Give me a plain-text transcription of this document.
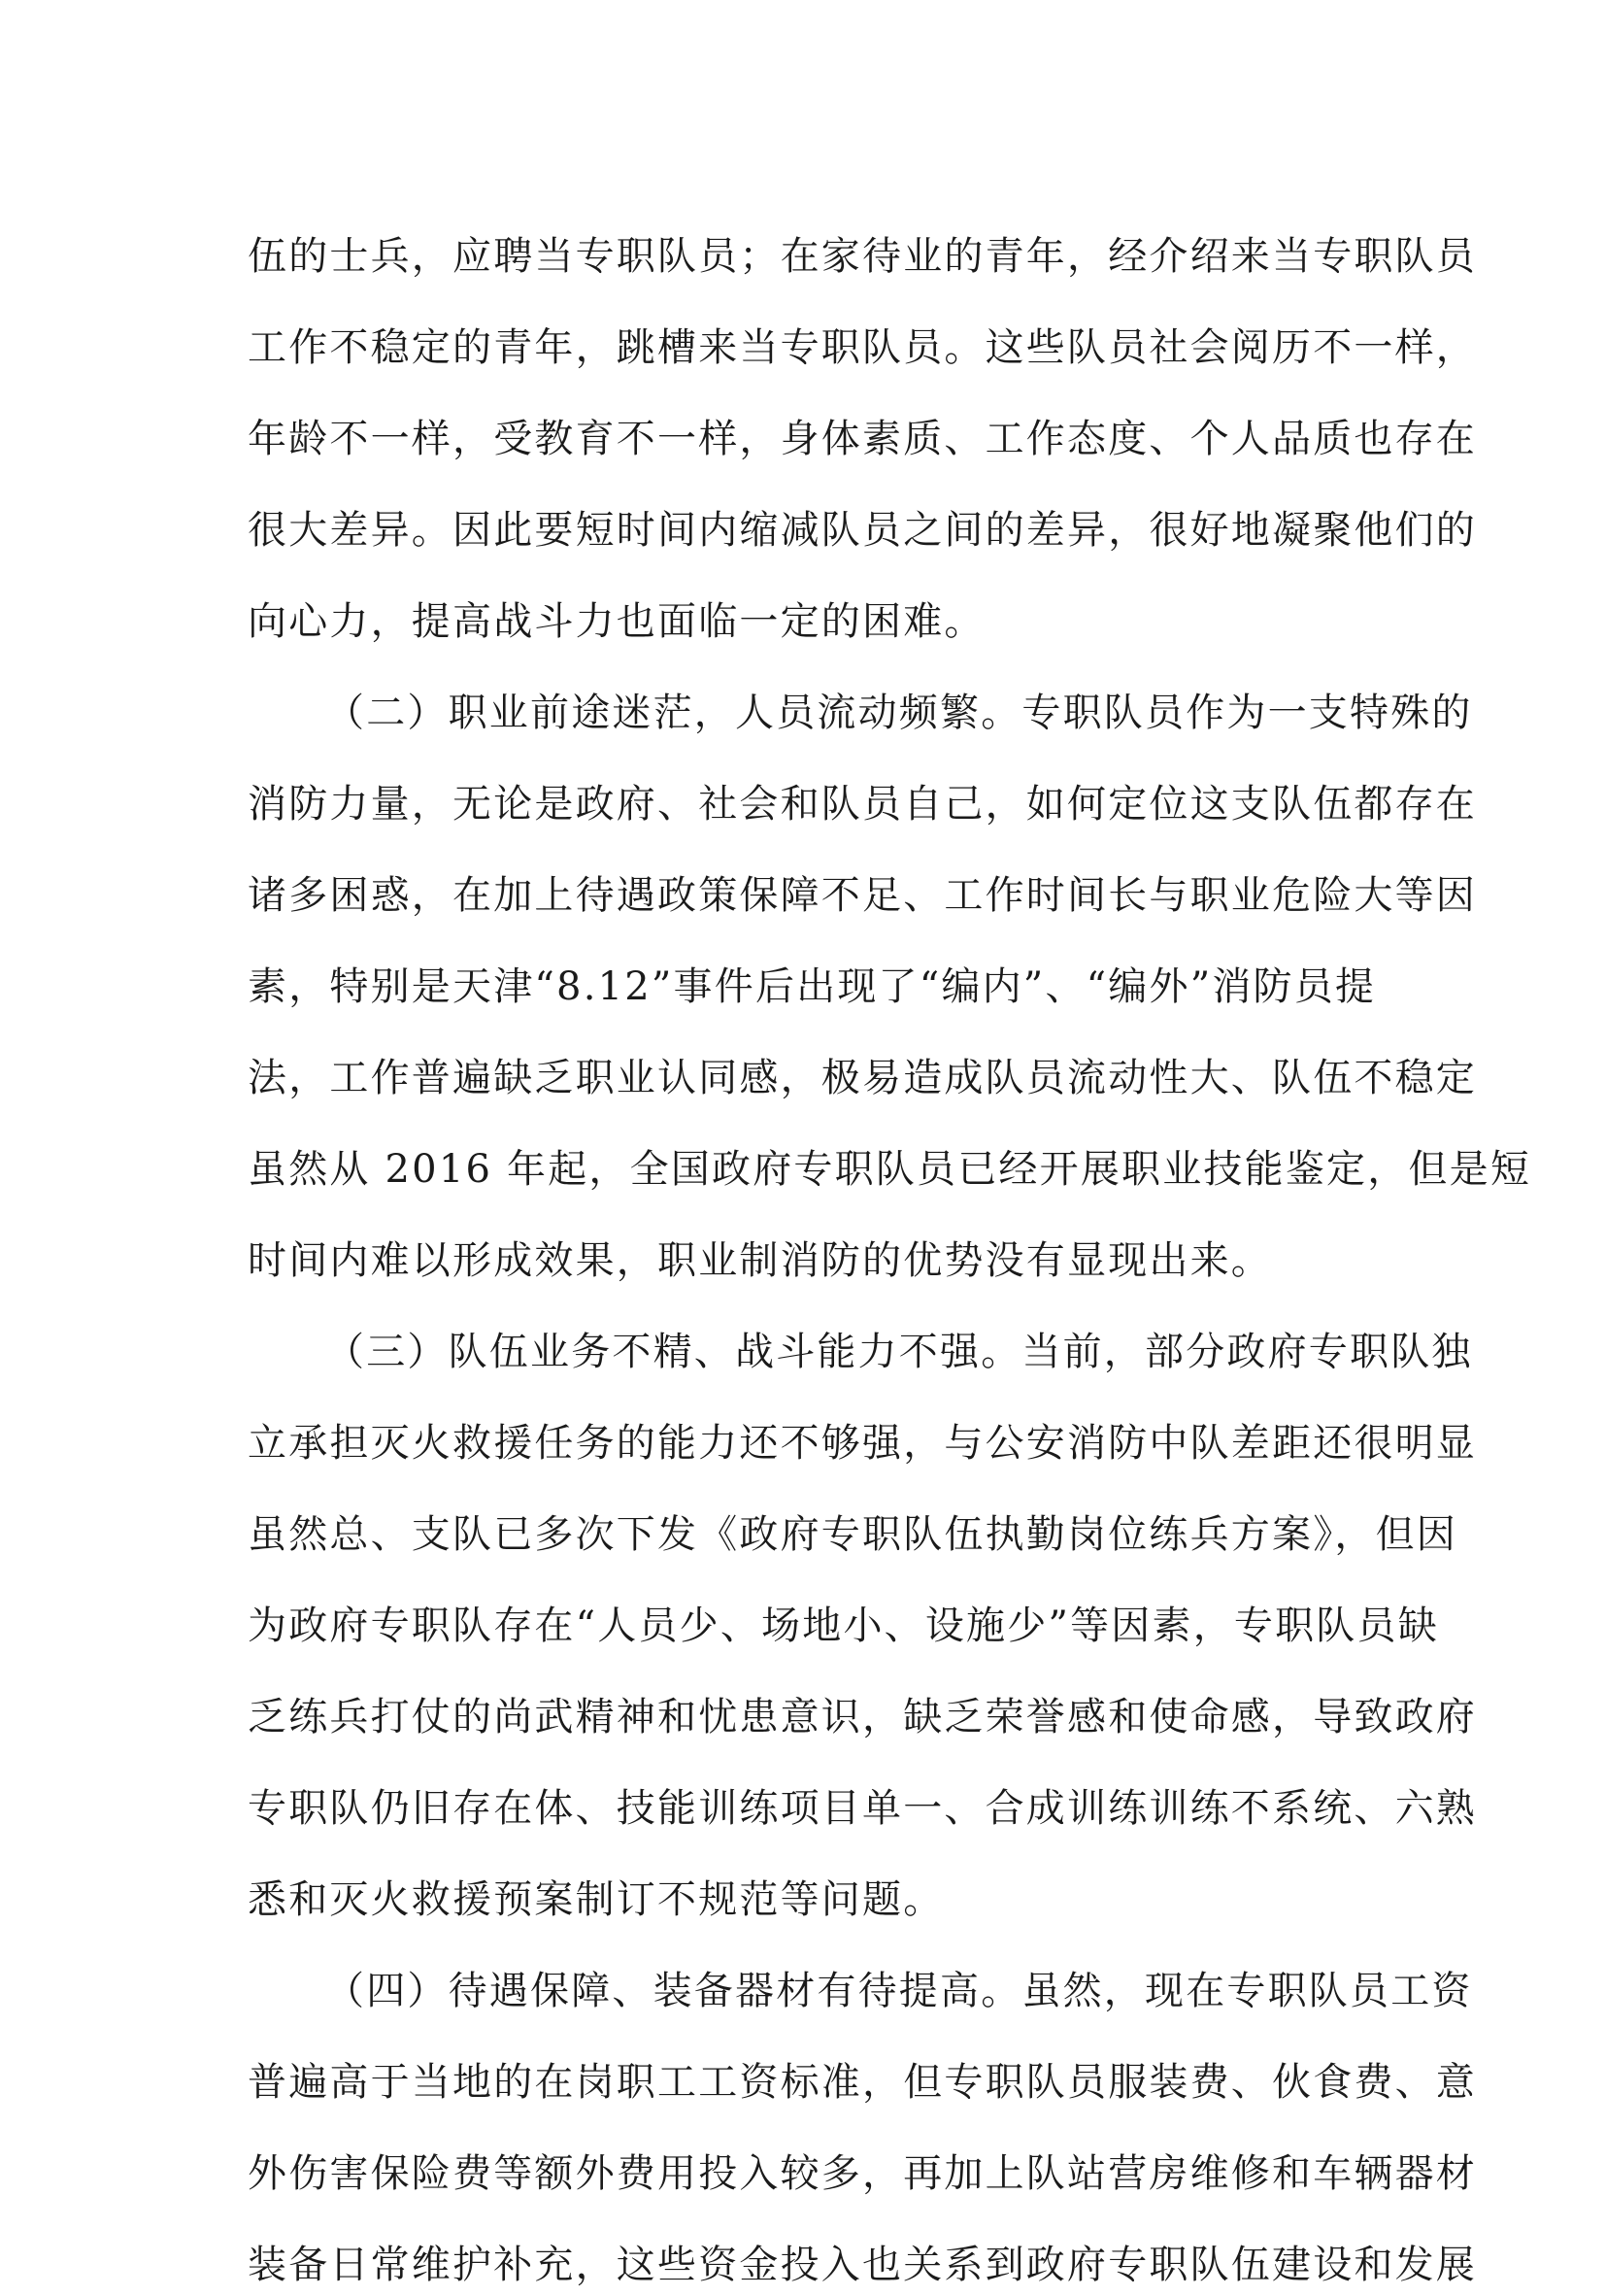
伍的士兵，应聘当专职队员；在家待业的青年，经介绍来当专职队员
工作不稳定的青年，跳槽来当专职队员。这些队员社会阅历不一样，
年龄不一样，受教育不一样，身体素质、工作态度、个人品质也存在
很大差异。因此要短时间内缩减队员之间的差异，很好地凝聚他们的
向心力，提高战斗力也面临一定的困难。
（二）职业前途迷茫，人员流动频繁。专职队员作为一支特殊的
消防力量，无论是政府、社会和队员自己，如何定位这支队伍都存在
诸多困惑，在加上待遇政策保障不足、工作时间长与职业危险大等因
素，特别是天津“8.12”事件后出现了“编内”、“编外”消防员提
法，工作普遍缺乏职业认同感，极易造成队员流动性大、队伍不稳定
虽然从 2016 年起，全国政府专职队员已经开展职业技能鉴定，但是短
时间内难以形成效果，职业制消防的优势没有显现出来。
（三）队伍业务不精、战斗能力不强。当前，部分政府专职队独
立承担灭火救援任务的能力还不够强，与公安消防中队差距还很明显
虽然总、支队已多次下发《政府专职队伍执勤岗位练兵方案》，但因
为政府专职队存在“人员少、场地小、设施少”等因素，专职队员缺
乏练兵打仗的尚武精神和忧患意识，缺乏荣誉感和使命感，导致政府
专职队仍旧存在体、技能训练项目单一、合成训练训练不系统、六熟
悉和灭火救援预案制订不规范等问题。
（四）待遇保障、装备器材有待提高。虽然，现在专职队员工资
普遍高于当地的在岗职工工资标准，但专职队员服装费、伙食费、意
外伤害保险费等额外费用投入较多，再加上队站营房维修和车辆器材
装备日常维护补充，这些资金投入也关系到政府专职队伍建设和发展
